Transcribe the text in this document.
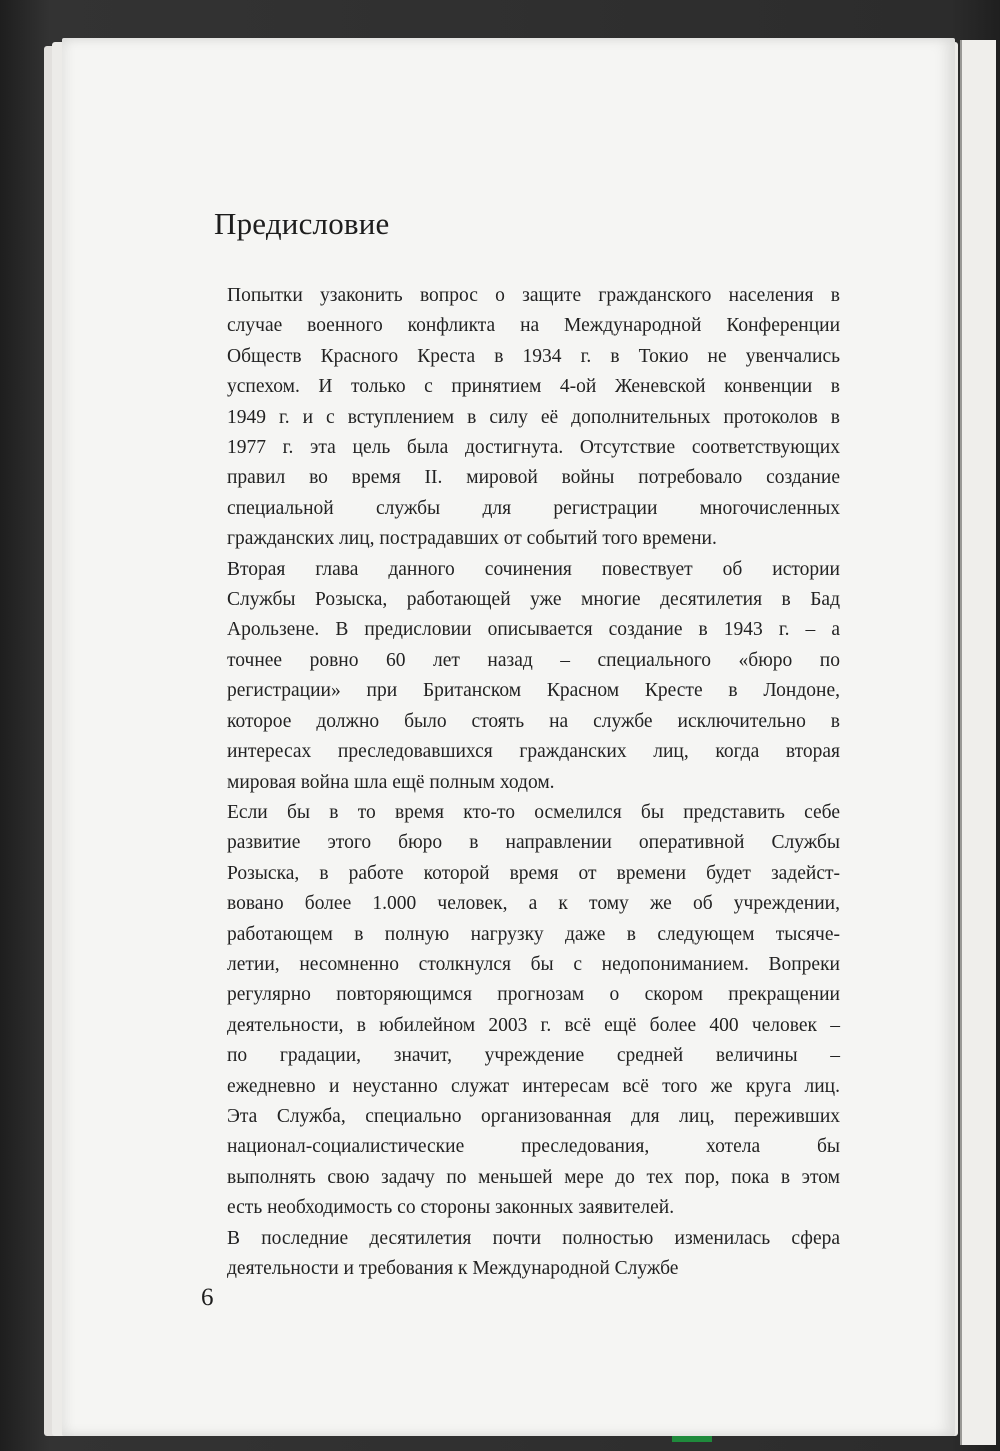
Предисловие

Попытки узаконить вопрос о защите гражданского населения в
случае военного конфликта на Международной Конференции
Обществ Красного Креста в 1934 г. в Токио не увенчались
успехом. И только с принятием 4-ой Женевской конвенции в
1949 г. и с вступлением в силу её дополнительных протоколов в
1977 г. эта цель была достигнута. Отсутствие соответствующих
правил во время II. мировой войны потребовало создание
специальной службы для регистрации многочисленных
гражданских лиц, пострадавших от событий того времени.

Вторая глава данного сочинения повествует об истории
Службы Розыска, работающей уже многие десятилетия в Бад
Арользене. В предисловии описывается создание в 1943 г. – а
точнее ровно 60 лет назад – специального «бюро по
регистрации» при Британском Красном Кресте в Лондоне,
которое должно было стоять на службе исключительно в
интересах преследовавшихся гражданских лиц, когда вторая
мировая война шла ещё полным ходом.

Если бы в то время кто-то осмелился бы представить себе
развитие этого бюро в направлении оперативной Службы
Розыска, в работе которой время от времени будет задейст-
вовано более 1.000 человек, а к тому же об учреждении,
работающем в полную нагрузку даже в следующем тысяче-
летии, несомненно столкнулся бы с недопониманием. Вопреки
регулярно повторяющимся прогнозам о скором прекращении
деятельности, в юбилейном 2003 г. всё ещё более 400 человек –
по градации, значит, учреждение средней величины –
ежедневно и неустанно служат интересам всё того же круга лиц.
Эта Служба, специально организованная для лиц, переживших
национал-социалистические преследования, хотела бы
выполнять свою задачу по меньшей мере до тех пор, пока в этом
есть необходимость со стороны законных заявителей.

В последние десятилетия почти полностью изменилась сфера
деятельности и требования к Международной Службе

6
